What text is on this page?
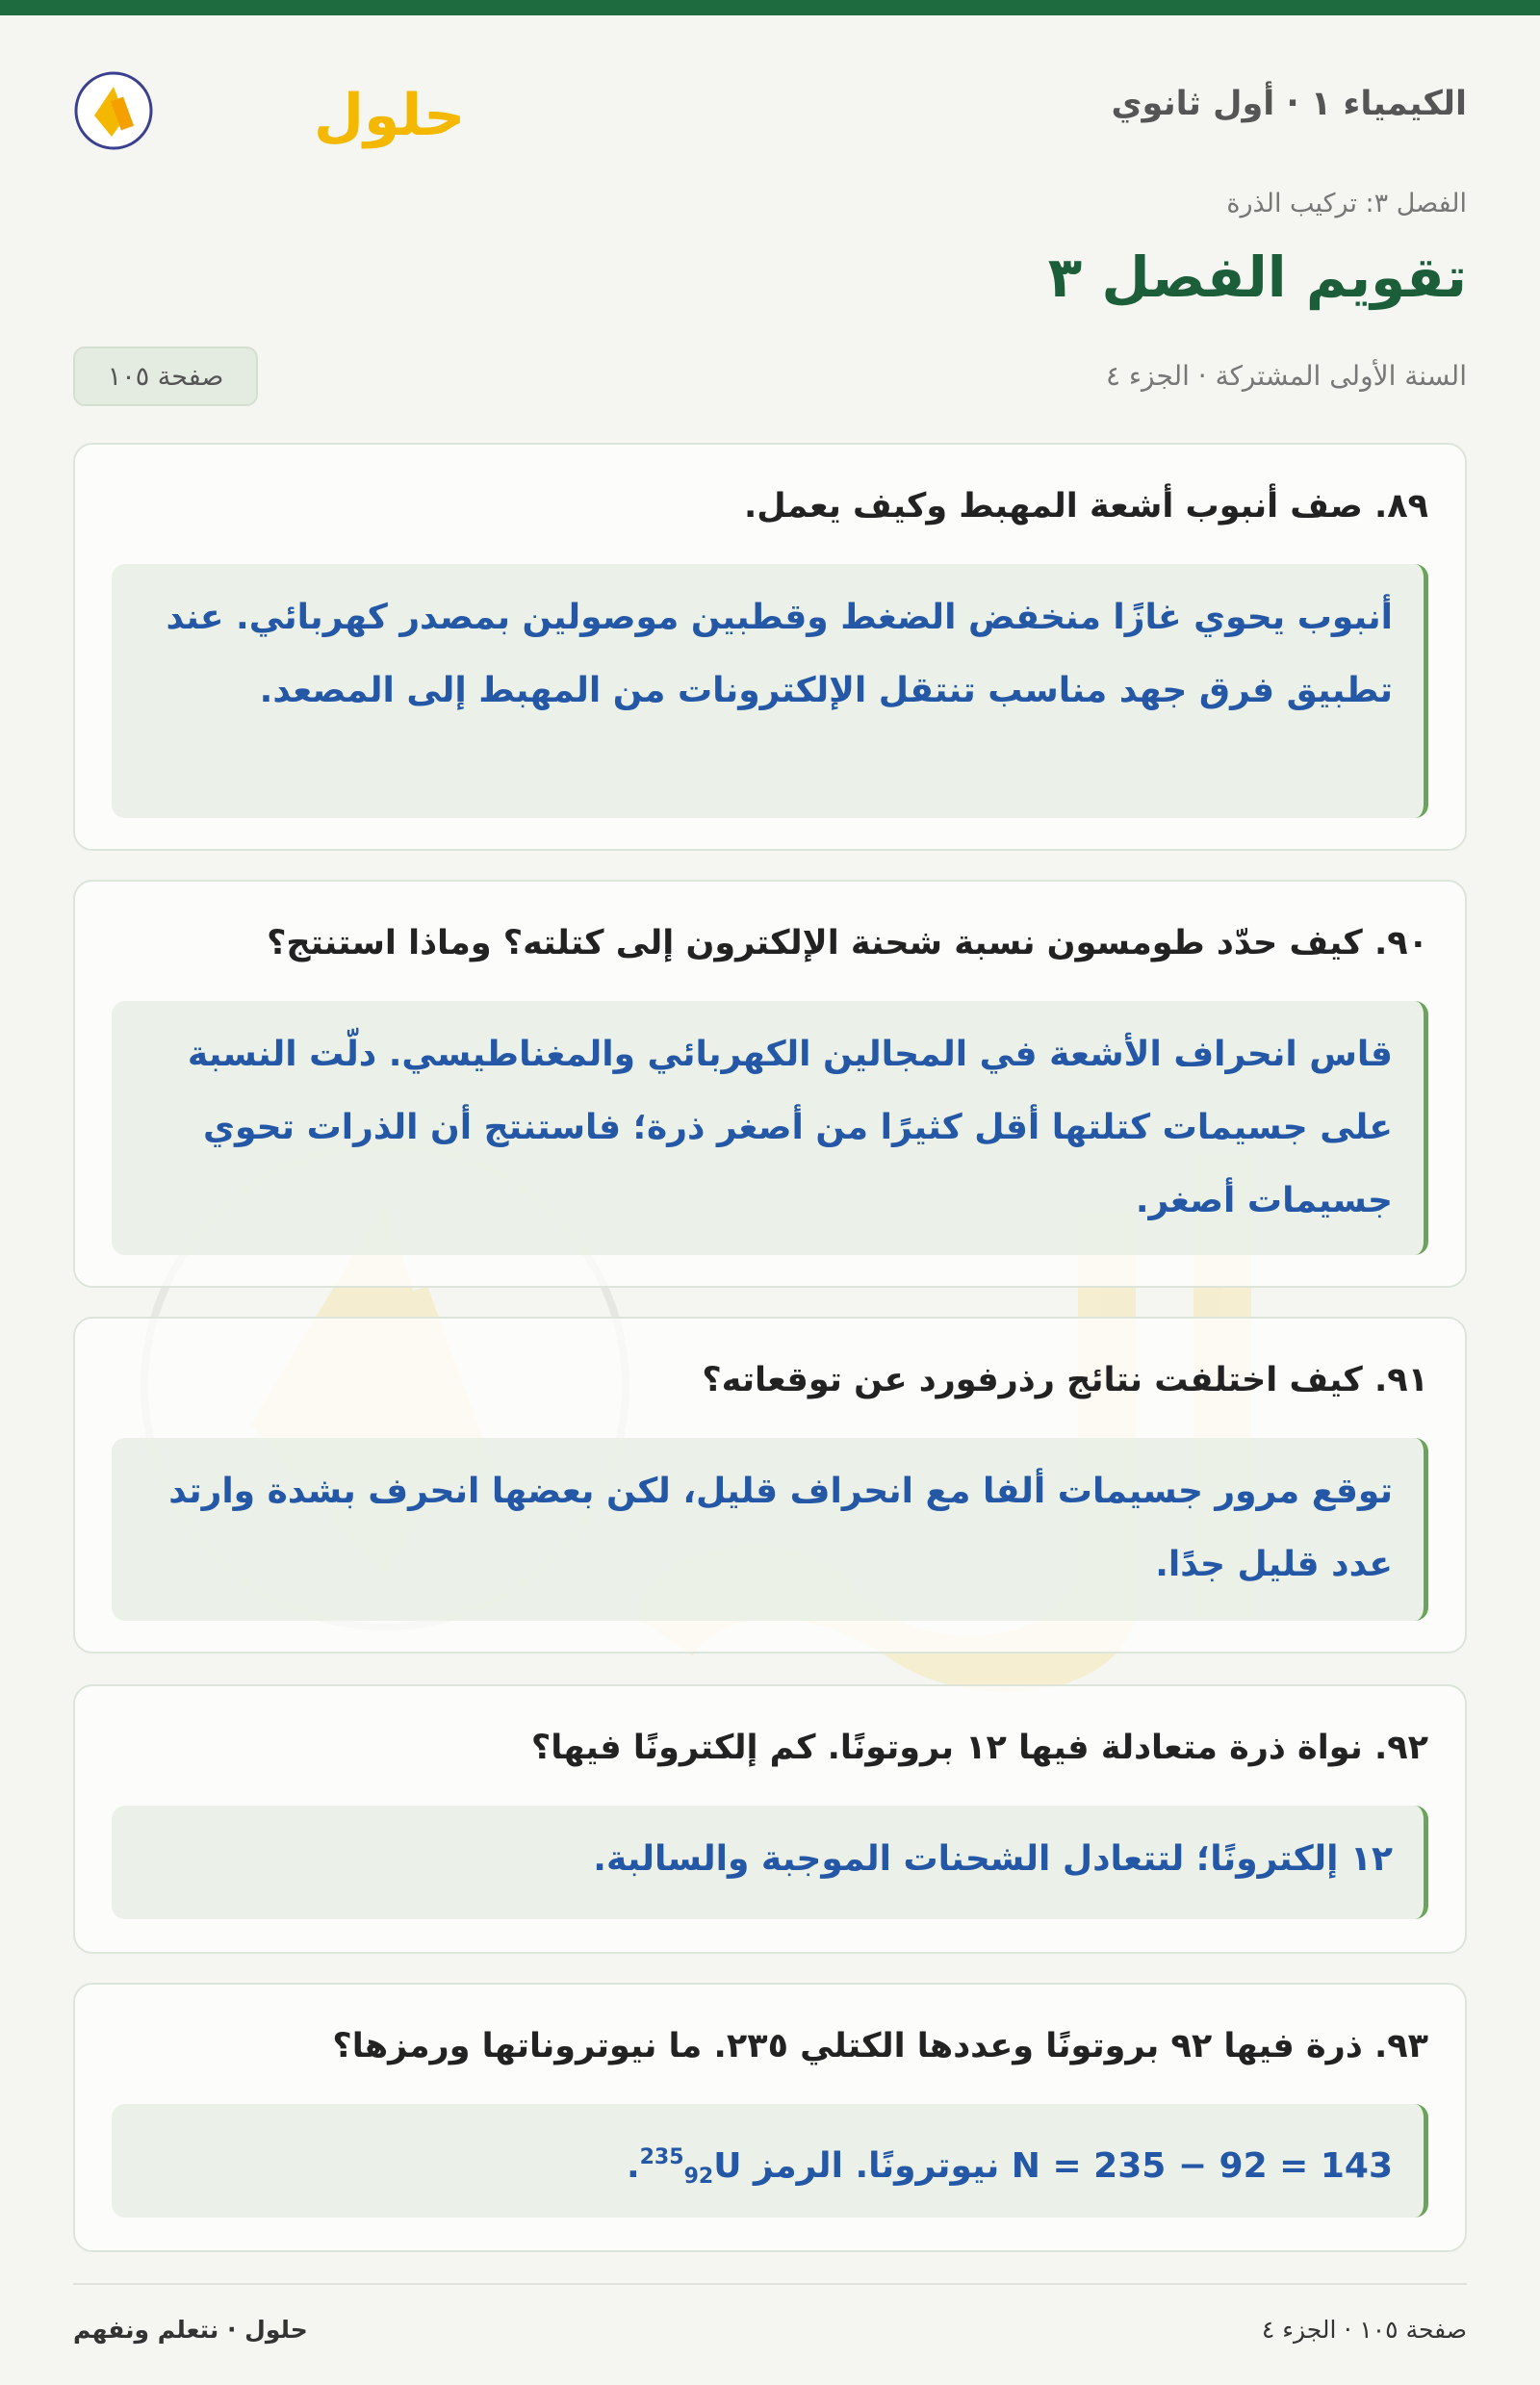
الكيمياء ١ · أول ثانوي
حلول
الفصل ٣: تركيب الذرة
تقويم الفصل ٣
السنة الأولى المشتركة · الجزء ٤
صفحة ١٠٥
٨٩. صف أنبوب أشعة المهبط وكيف يعمل.
أنبوب يحوي غازًا منخفض الضغط وقطبين موصولين بمصدر كهربائي. عند تطبيق فرق جهد مناسب تنتقل الإلكترونات من المهبط إلى المصعد.
٩٠. كيف حدّد طومسون نسبة شحنة الإلكترون إلى كتلته؟ وماذا استنتج؟
قاس انحراف الأشعة في المجالين الكهربائي والمغناطيسي. دلّت النسبة على جسيمات كتلتها أقل كثيرًا من أصغر ذرة؛ فاستنتج أن الذرات تحوي جسيمات أصغر.
٩١. كيف اختلفت نتائج رذرفورد عن توقعاته؟
توقع مرور جسيمات ألفا مع انحراف قليل، لكن بعضها انحرف بشدة وارتد عدد قليل جدًا.
٩٢. نواة ذرة متعادلة فيها ١٢ بروتونًا. كم إلكترونًا فيها؟
١٢ إلكترونًا؛ لتتعادل الشحنات الموجبة والسالبة.
٩٣. ذرة فيها ٩٢ بروتونًا وعددها الكتلي ٢٣٥. ما نيوتروناتها ورمزها؟
N = 235 − 92 = 143 نيوترونًا. الرمز $^{235}_{92}$U.
حلول · نتعلم ونفهم	صفحة ١٠٥ · الجزء ٤
